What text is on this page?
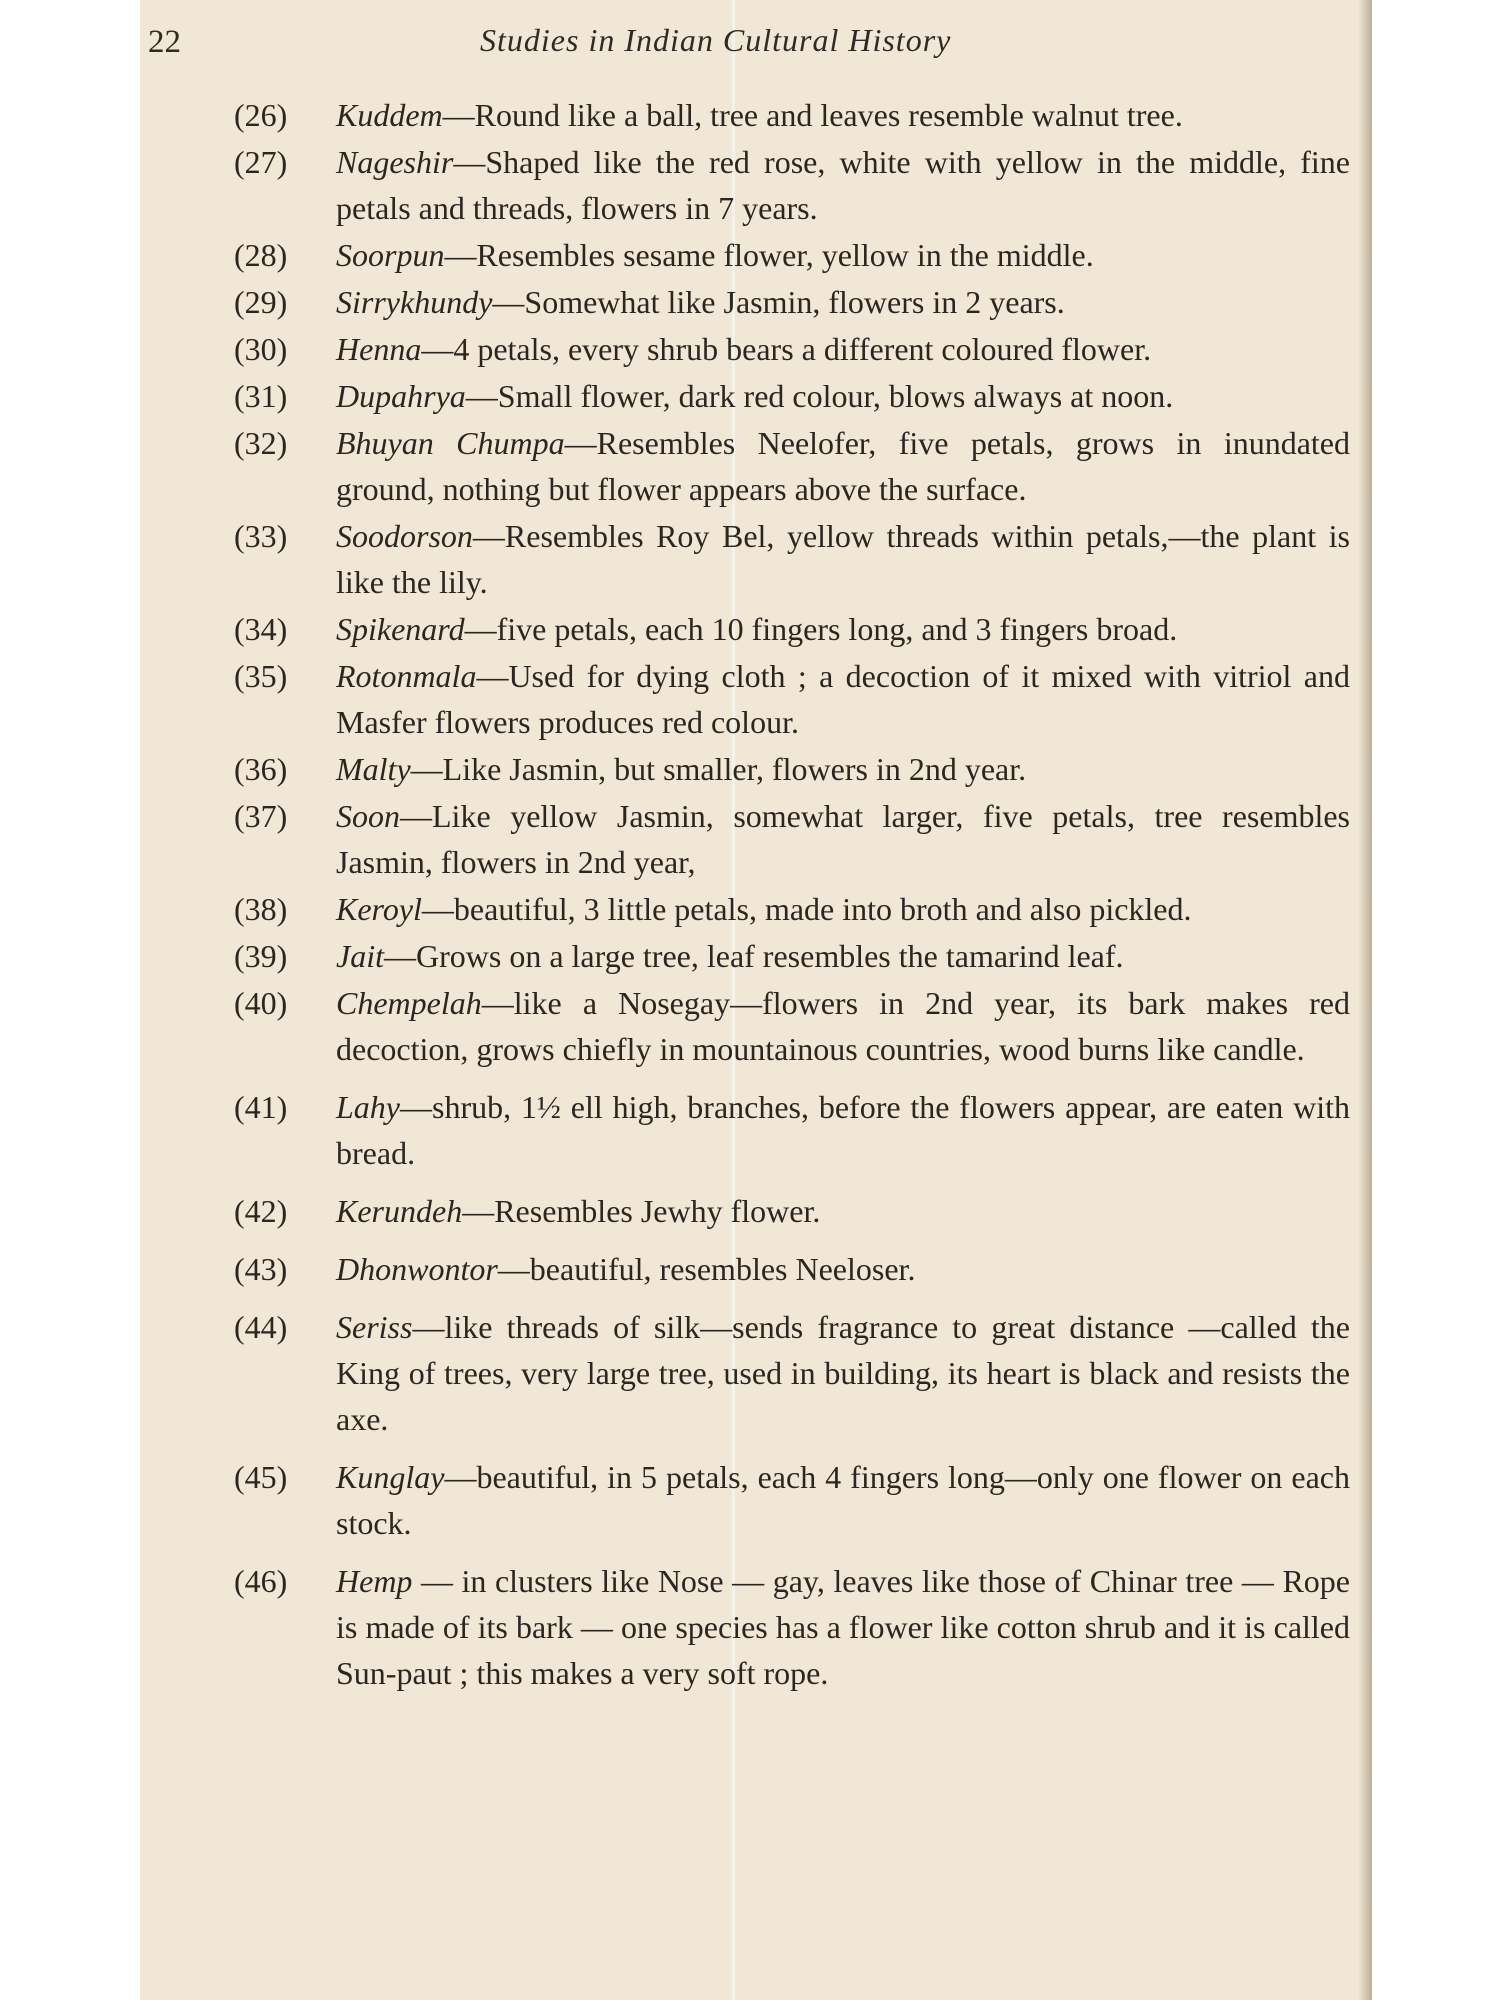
22	Studies in Indian Cultural History
(26)	Kuddem—Round like a ball, tree and leaves resemble walnut tree.
(27)	Nageshir—Shaped like the red rose, white with yellow in the middle, fine petals and threads, flowers in 7 years.
(28)	Soorpun—Resembles sesame flower, yellow in the middle.
(29)	Sirrykhundy—Somewhat like Jasmin, flowers in 2 years.
(30)	Henna—4 petals, every shrub bears a different coloured flower.
(31)	Dupahrya—Small flower, dark red colour, blows always at noon.
(32)	Bhuyan Chumpa—Resembles Neelofer, five petals, grows in inundated ground, nothing but flower appears above the surface.
(33)	Soodorson—Resembles Roy Bel, yellow threads within petals,—the plant is like the lily.
(34)	Spikenard—five petals, each 10 fingers long, and 3 fingers broad.
(35)	Rotonmala—Used for dying cloth ; a decoction of it mixed with vitriol and Masfer flowers produces red colour.
(36)	Malty—Like Jasmin, but smaller, flowers in 2nd year.
(37)	Soon—Like yellow Jasmin, somewhat larger, five petals, tree resembles Jasmin, flowers in 2nd year,
(38)	Keroyl—beautiful, 3 little petals, made into broth and also pickled.
(39)	Jait—Grows on a large tree, leaf resembles the tamarind leaf.
(40)	Chempelah—like a Nosegay—flowers in 2nd year, its bark makes red decoction, grows chiefly in mountainous countries, wood burns like candle.
(41)	Lahy—shrub, 1½ ell high, branches, before the flowers appear, are eaten with bread.
(42)	Kerundeh—Resembles Jewhy flower.
(43)	Dhonwontor—beautiful, resembles Neeloser.
(44)	Seriss—like threads of silk—sends fragrance to great distance —called the King of trees, very large tree, used in building, its heart is black and resists the axe.
(45)	Kunglay—beautiful, in 5 petals, each 4 fingers long—only one flower on each stock.
(46)	Hemp — in clusters like Nose — gay, leaves like those of Chinar tree — Rope is made of its bark — one species has a flower like cotton shrub and it is called Sun-paut ; this makes a very soft rope.
